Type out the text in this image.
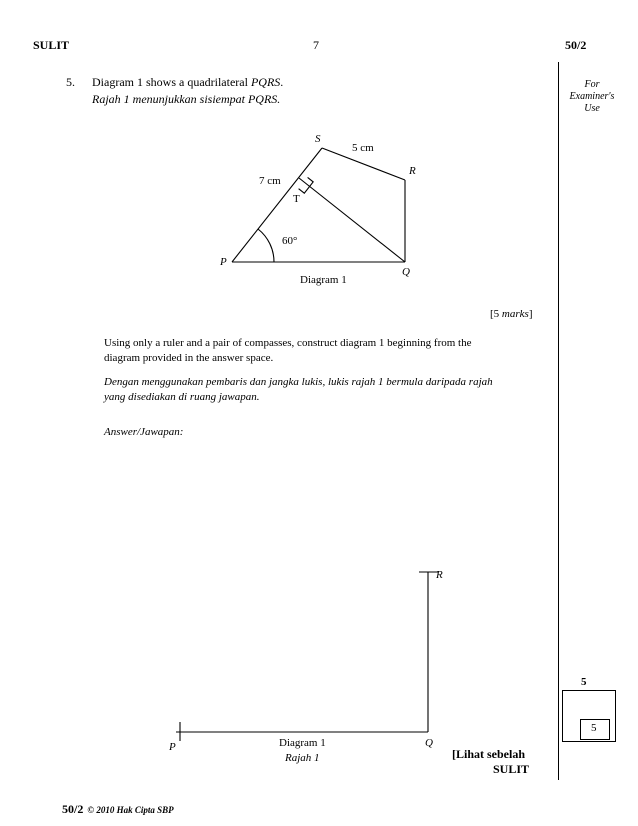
SULIT	7	50/2
For
Examiner's
Use
5. Diagram 1 shows a quadrilateral PQRS.
Rajah 1 menunjukkan sisiempat PQRS.
S
5 cm
R
7 cm
T
60°
P
Q
Diagram 1
[5 marks]
Using only a ruler and a pair of compasses, construct diagram 1 beginning from the
diagram provided in the answer space.
Dengan menggunakan pembaris dan jangka lukis, lukis rajah 1 bermula daripada rajah
yang disediakan di ruang jawapan.
Answer/Jawapan:
R
P	Q
Diagram 1
Rajah 1
5
5
[Lihat sebelah
SULIT
50/2 © 2010 Hak Cipta SBP
